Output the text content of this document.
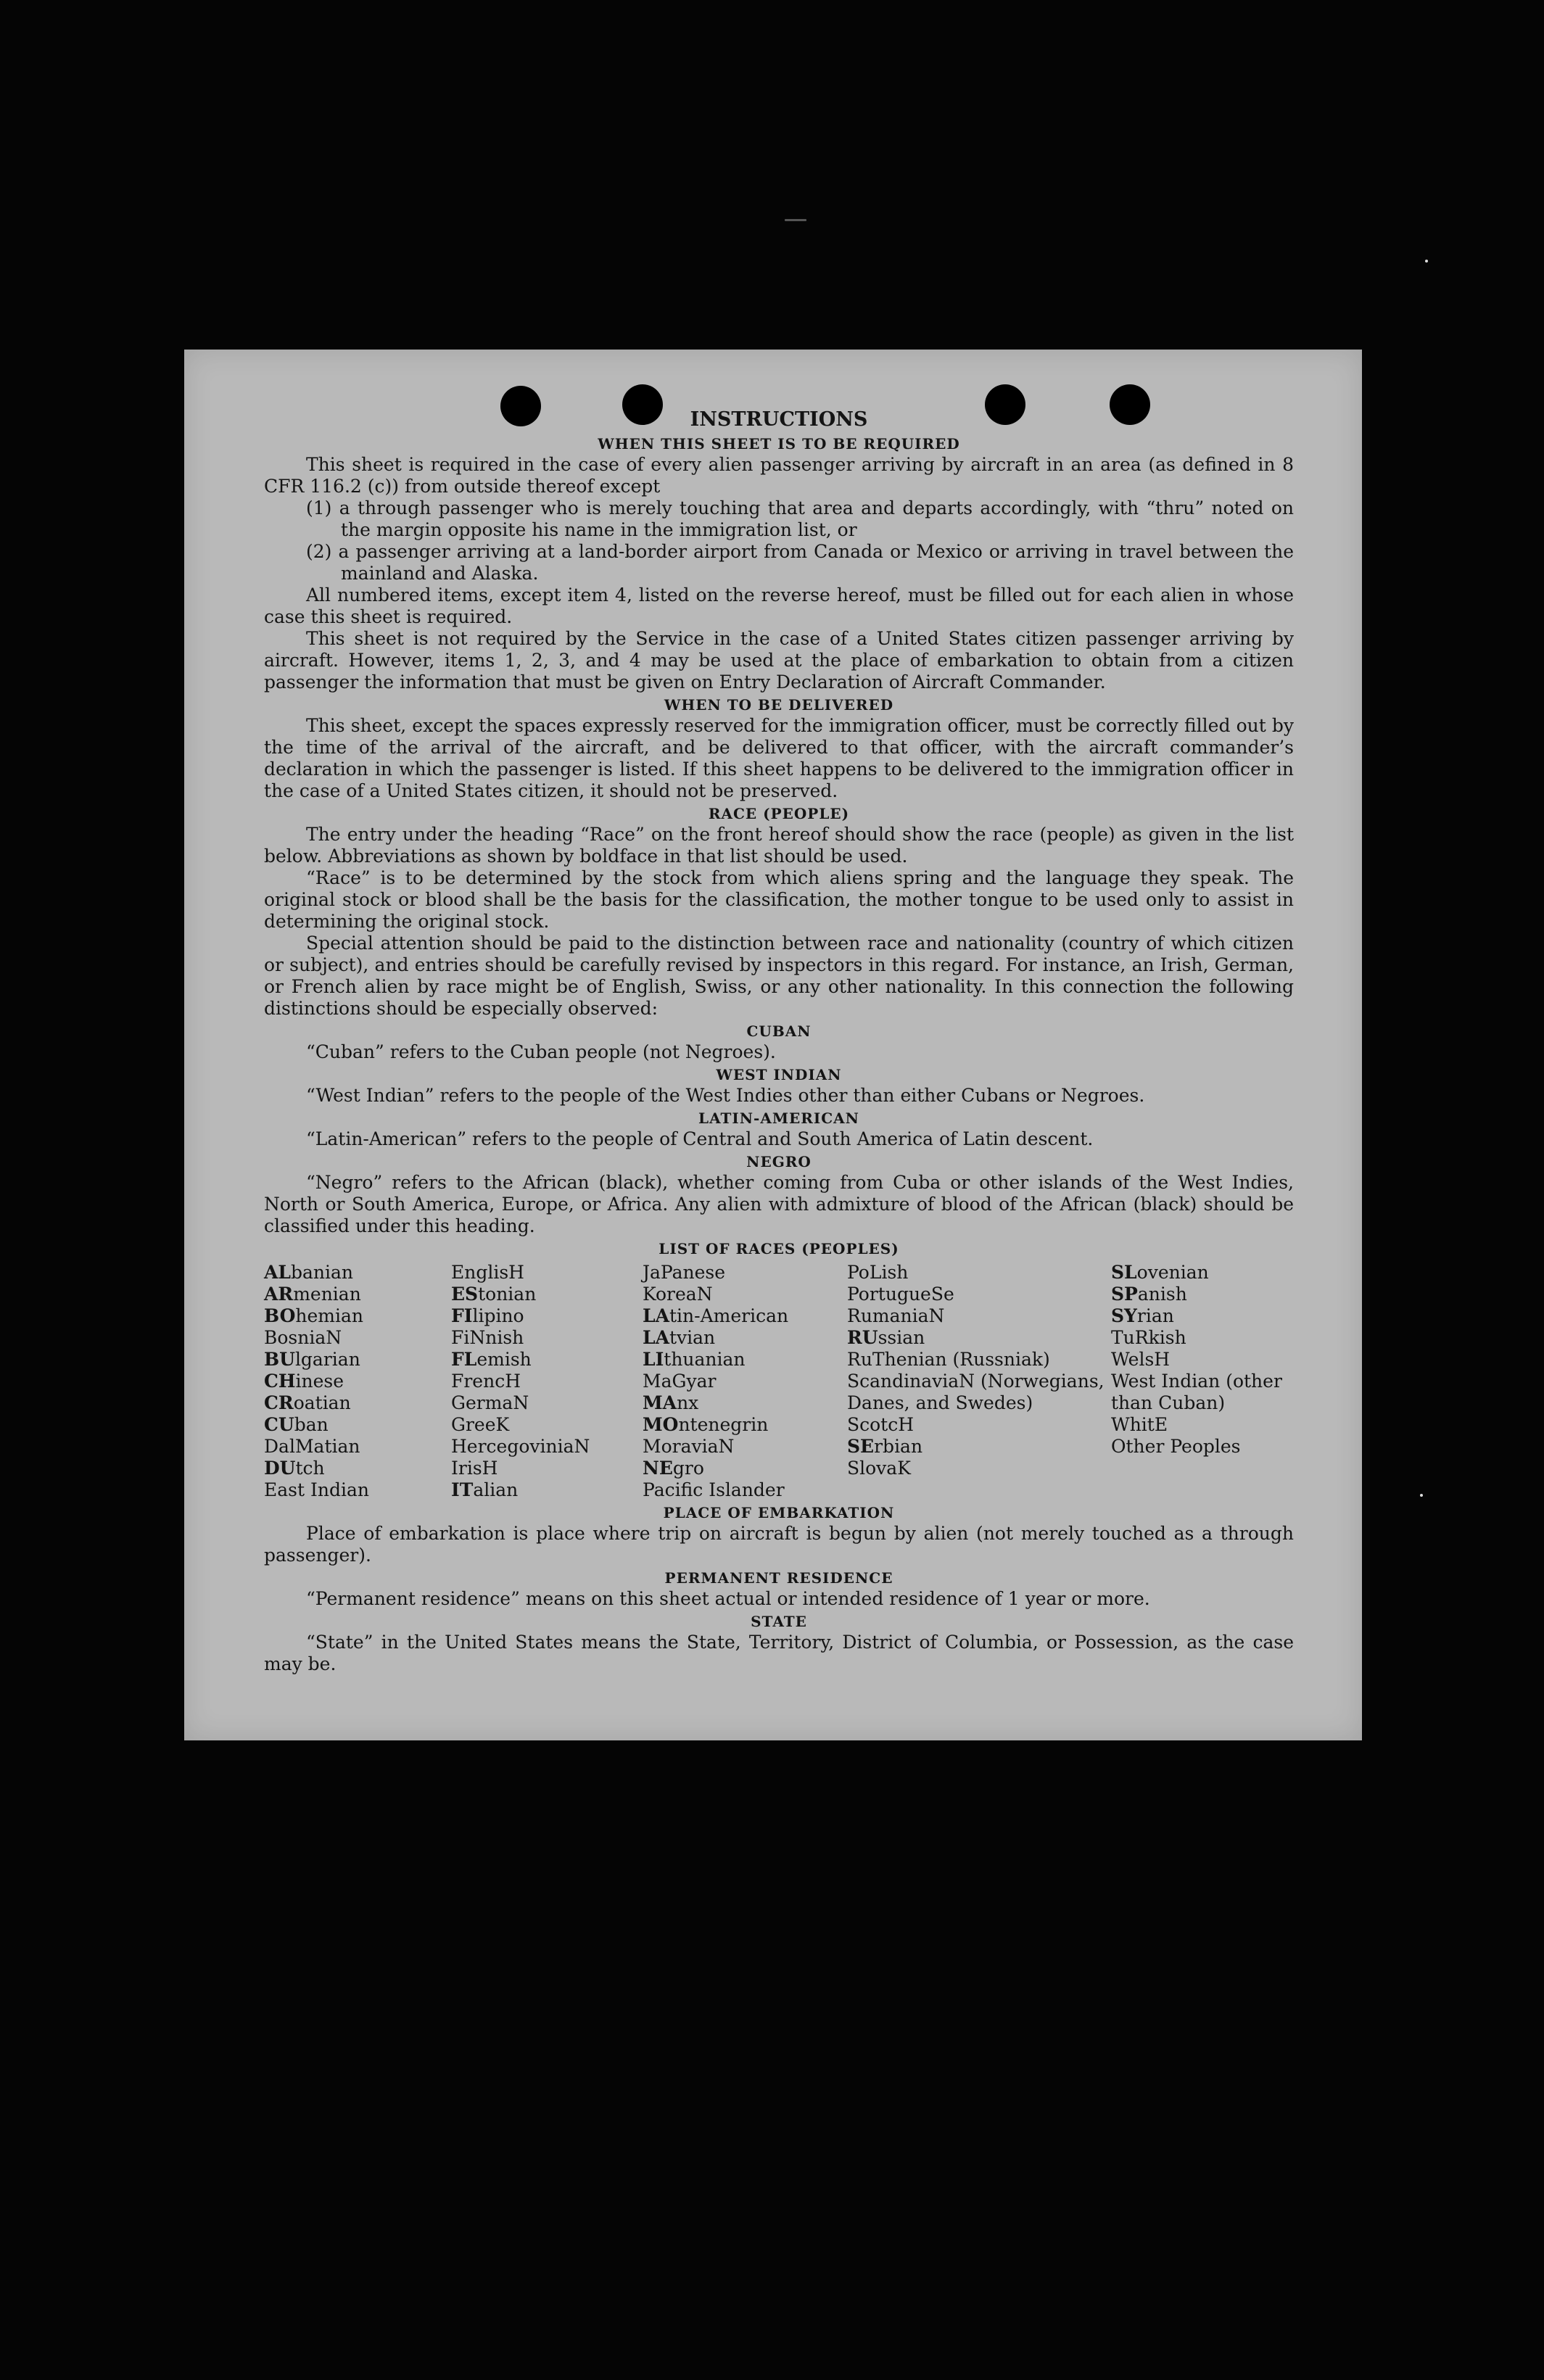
INSTRUCTIONS

WHEN THIS SHEET IS TO BE REQUIRED

This sheet is required in the case of every alien passenger arriving by aircraft in an area (as defined in 8 CFR 116.2 (c)) from outside thereof except

(1) a through passenger who is merely touching that area and departs accordingly, with “thru” noted on the margin opposite his name in the immigration list, or

(2) a passenger arriving at a land-border airport from Canada or Mexico or arriving in travel between the mainland and Alaska.

All numbered items, except item 4, listed on the reverse hereof, must be filled out for each alien in whose case this sheet is required.

This sheet is not required by the Service in the case of a United States citizen passenger arriving by aircraft. However, items 1, 2, 3, and 4 may be used at the place of embarkation to obtain from a citizen passenger the information that must be given on Entry Declaration of Aircraft Commander.

WHEN TO BE DELIVERED

This sheet, except the spaces expressly reserved for the immigration officer, must be correctly filled out by the time of the arrival of the aircraft, and be delivered to that officer, with the aircraft commander’s declaration in which the passenger is listed. If this sheet happens to be delivered to the immigration officer in the case of a United States citizen, it should not be preserved.

RACE (PEOPLE)

The entry under the heading “Race” on the front hereof should show the race (people) as given in the list below. Abbreviations as shown by boldface in that list should be used.

“Race” is to be determined by the stock from which aliens spring and the language they speak. The original stock or blood shall be the basis for the classification, the mother tongue to be used only to assist in determining the original stock.

Special attention should be paid to the distinction between race and nationality (country of which citizen or subject), and entries should be carefully revised by inspectors in this regard. For instance, an Irish, German, or French alien by race might be of English, Swiss, or any other nationality. In this connection the following distinctions should be especially observed:

CUBAN

“Cuban” refers to the Cuban people (not Negroes).

WEST INDIAN

“West Indian” refers to the people of the West Indies other than either Cubans or Negroes.

LATIN-AMERICAN

“Latin-American” refers to the people of Central and South America of Latin descent.

NEGRO

“Negro” refers to the African (black), whether coming from Cuba or other islands of the West Indies, North or South America, Europe, or Africa. Any alien with admixture of blood of the African (black) should be classified under this heading.

LIST OF RACES (PEOPLES)

ALbanian
ARmenian
BOhemian
BosniaN
BUlgarian
CHinese
CRoatian
CUban
DalMatian
DUtch
East Indian
EnglisH
EStonian
FIlipino
FiNnish
FLemish
FrencH
GermaN
GreeK
HercegoviniaN
IrisH
ITalian
JaPanese
KoreaN
LAtin-American
LAtvian
LIthuanian
MaGyar
MAnx
MOntenegrin
MoraviaN
NEgro
Pacific Islander
PoLish
PortugueSe
RumaniaN
RUssian
RuThenian (Russniak)
ScandinaviaN (Norwegians, Danes, and Swedes)
ScotcH
SErbian
SlovaK
SLovenian
SPanish
SYrian
TuRkish
WelsH
West Indian (other than Cuban)
WhitE
Other Peoples

PLACE OF EMBARKATION

Place of embarkation is place where trip on aircraft is begun by alien (not merely touched as a through passenger).

PERMANENT RESIDENCE

“Permanent residence” means on this sheet actual or intended residence of 1 year or more.

STATE

“State” in the United States means the State, Territory, District of Columbia, or Possession, as the case may be.
